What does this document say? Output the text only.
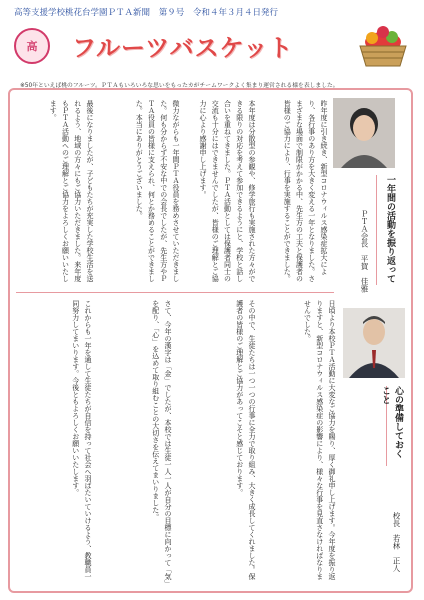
高等支援学校桃花台学園ＰＴＡ新聞 第９号 令和４年３月４日発行
高 フルーツバスケット
※50年といえば桃のフルーツ。ＰＴＡもいろいろな思いをもったカがチームワークよく集まり運営される様を表しました。
一年間の活動を振り返って
ＰＴＡ会長　平賀　佳雅
昨年度に引き続き、新型コロナウィルス感染症拡大により、各行事のあり方を大きく変える一年となりました。さまざまな場面で制限がかかる中、先生方の工夫と保護者の皆様のご協力により、行事を実施することができました。
本年度は分散型の参観や、修学旅行も実施された方々ができる限りの対応を考えて参加できるようにと、学校と話し合いを重ねてきました。ＰＴＡ活動としては保護者同士の交流も十分にはできませんでしたが、皆様のご理解とご協力に心より感謝申し上げます。
微力ながらも一年間ＰＴＡ役員を務めさせていただきました。何も分からず不安な中での会長でしたが、先生方やＰＴＡ役員の皆様に支えられ、何とか務めることができました。本当にありがとうございました。
最後になりましたが、子どもたちが充実した学校生活を送れるよう、地域の方々にもご協力いただきました。来年度もＰＴＡ活動へのご理解とご協力をよろしくお願いいたします。
心の準備しておくこと
校長　若林　正人
日頃より本校ＰＴＡ活動に大変なご協力を賜り、厚く御礼申し上げます。今年度を振り返りますと、新型コロナウィルス感染症の影響により、様々な行事を見直さなければなりませんでした。
その中で、生徒たちは一つ一つの行事に全力で取り組み、大きく成長してくれました。保護者の皆様のご理解とご協力があってこそと感じております。
さて、今年の漢字は「金」でしたが、本校では生徒一人一人が自分の目標に向かって「気」を配り、「心」を込めて取り組むことの大切さを伝えてまいりました。
これからも一年を通して生徒たちが自信を持って社会へ羽ばたいていけるよう、教職員一同努力してまいります。今後ともよろしくお願いいたします。
